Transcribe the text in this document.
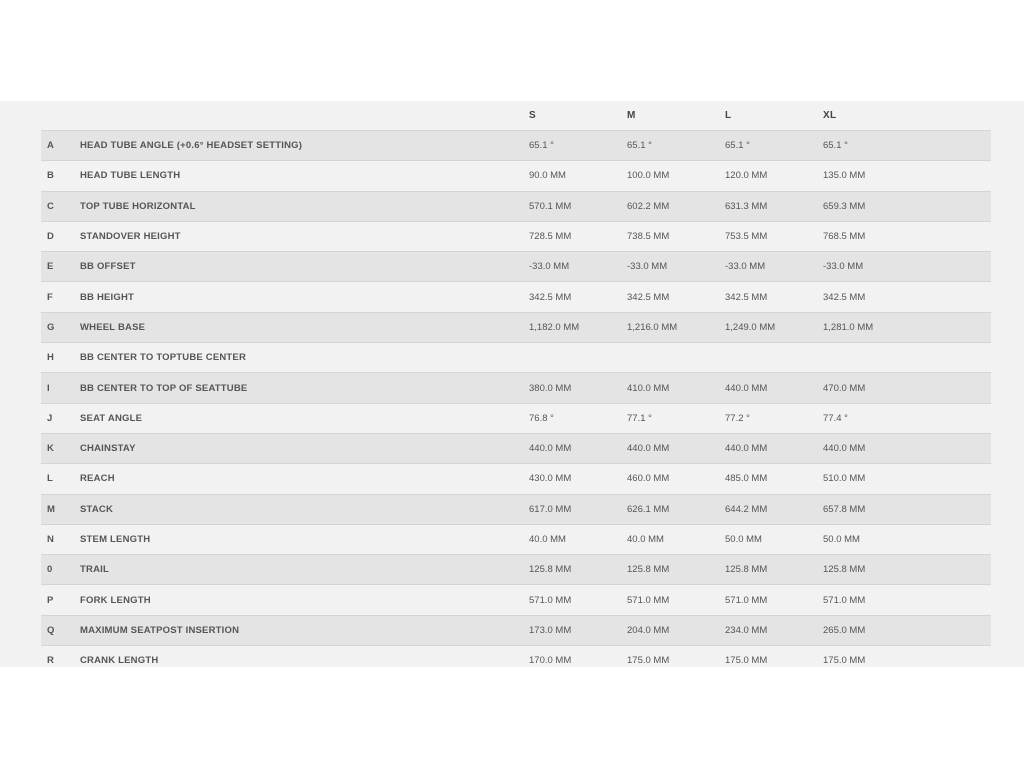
		S	M	L	XL
A	HEAD TUBE ANGLE (+0.6° HEADSET SETTING)	65.1 °	65.1 °	65.1 °	65.1 °
B	HEAD TUBE LENGTH	90.0 MM	100.0 MM	120.0 MM	135.0 MM
C	TOP TUBE HORIZONTAL	570.1 MM	602.2 MM	631.3 MM	659.3 MM
D	STANDOVER HEIGHT	728.5 MM	738.5 MM	753.5 MM	768.5 MM
E	BB OFFSET	-33.0 MM	-33.0 MM	-33.0 MM	-33.0 MM
F	BB HEIGHT	342.5 MM	342.5 MM	342.5 MM	342.5 MM
G	WHEEL BASE	1,182.0 MM	1,216.0 MM	1,249.0 MM	1,281.0 MM
H	BB CENTER TO TOPTUBE CENTER				
I	BB CENTER TO TOP OF SEATTUBE	380.0 MM	410.0 MM	440.0 MM	470.0 MM
J	SEAT ANGLE	76.8 °	77.1 °	77.2 °	77.4 °
K	CHAINSTAY	440.0 MM	440.0 MM	440.0 MM	440.0 MM
L	REACH	430.0 MM	460.0 MM	485.0 MM	510.0 MM
M	STACK	617.0 MM	626.1 MM	644.2 MM	657.8 MM
N	STEM LENGTH	40.0 MM	40.0 MM	50.0 MM	50.0 MM
0	TRAIL	125.8 MM	125.8 MM	125.8 MM	125.8 MM
P	FORK LENGTH	571.0 MM	571.0 MM	571.0 MM	571.0 MM
Q	MAXIMUM SEATPOST INSERTION	173.0 MM	204.0 MM	234.0 MM	265.0 MM
R	CRANK LENGTH	170.0 MM	175.0 MM	175.0 MM	175.0 MM
